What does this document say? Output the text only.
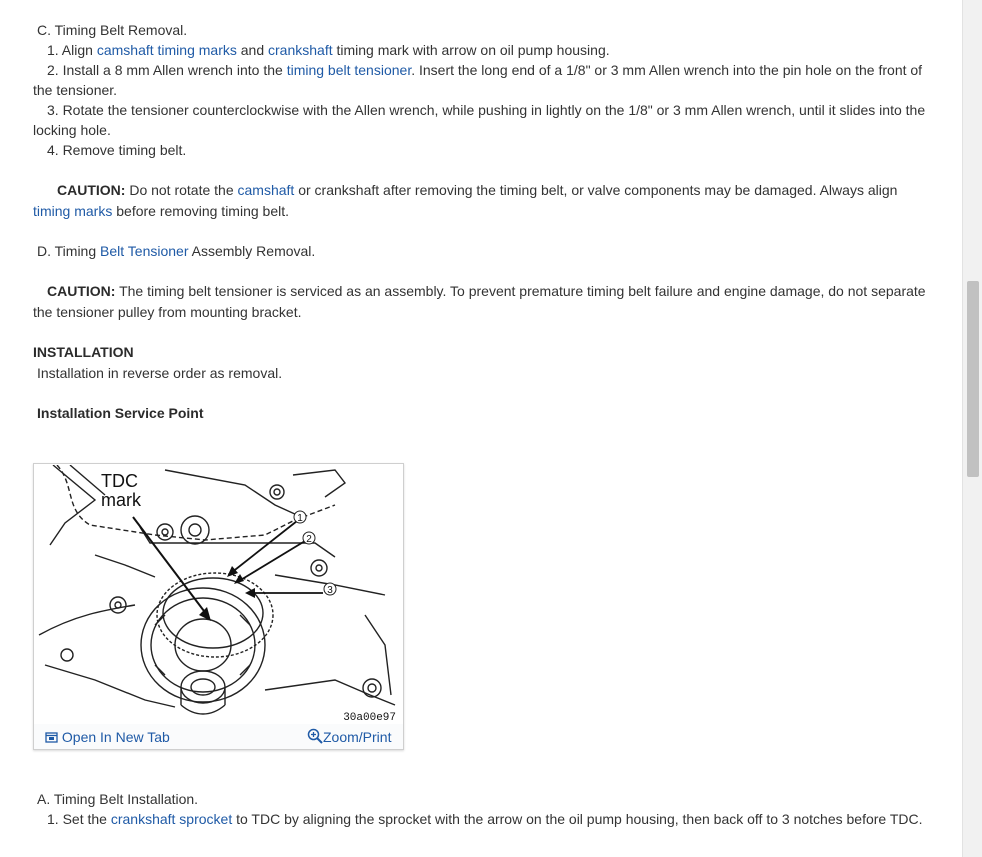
C. Timing Belt Removal.
1. Align camshaft timing marks and crankshaft timing mark with arrow on oil pump housing.
2. Install a 8 mm Allen wrench into the timing belt tensioner. Insert the long end of a 1/8" or 3 mm Allen wrench into the pin hole on the front of
the tensioner.
3. Rotate the tensioner counterclockwise with the Allen wrench, while pushing in lightly on the 1/8" or 3 mm Allen wrench, until it slides into the
locking hole.
4. Remove timing belt.
CAUTION: Do not rotate the camshaft or crankshaft after removing the timing belt, or valve components may be damaged. Always align
timing marks before removing timing belt.
D. Timing Belt Tensioner Assembly Removal.
CAUTION: The timing belt tensioner is serviced as an assembly. To prevent premature timing belt failure and engine damage, do not separate
the tensioner pulley from mounting bracket.
INSTALLATION
Installation in reverse order as removal.
Installation Service Point
1
2
3
TDC
mark
30a00e97
Open In New Tab	Zoom/Print
A. Timing Belt Installation.
1. Set the crankshaft sprocket to TDC by aligning the sprocket with the arrow on the oil pump housing, then back off to 3 notches before TDC.
